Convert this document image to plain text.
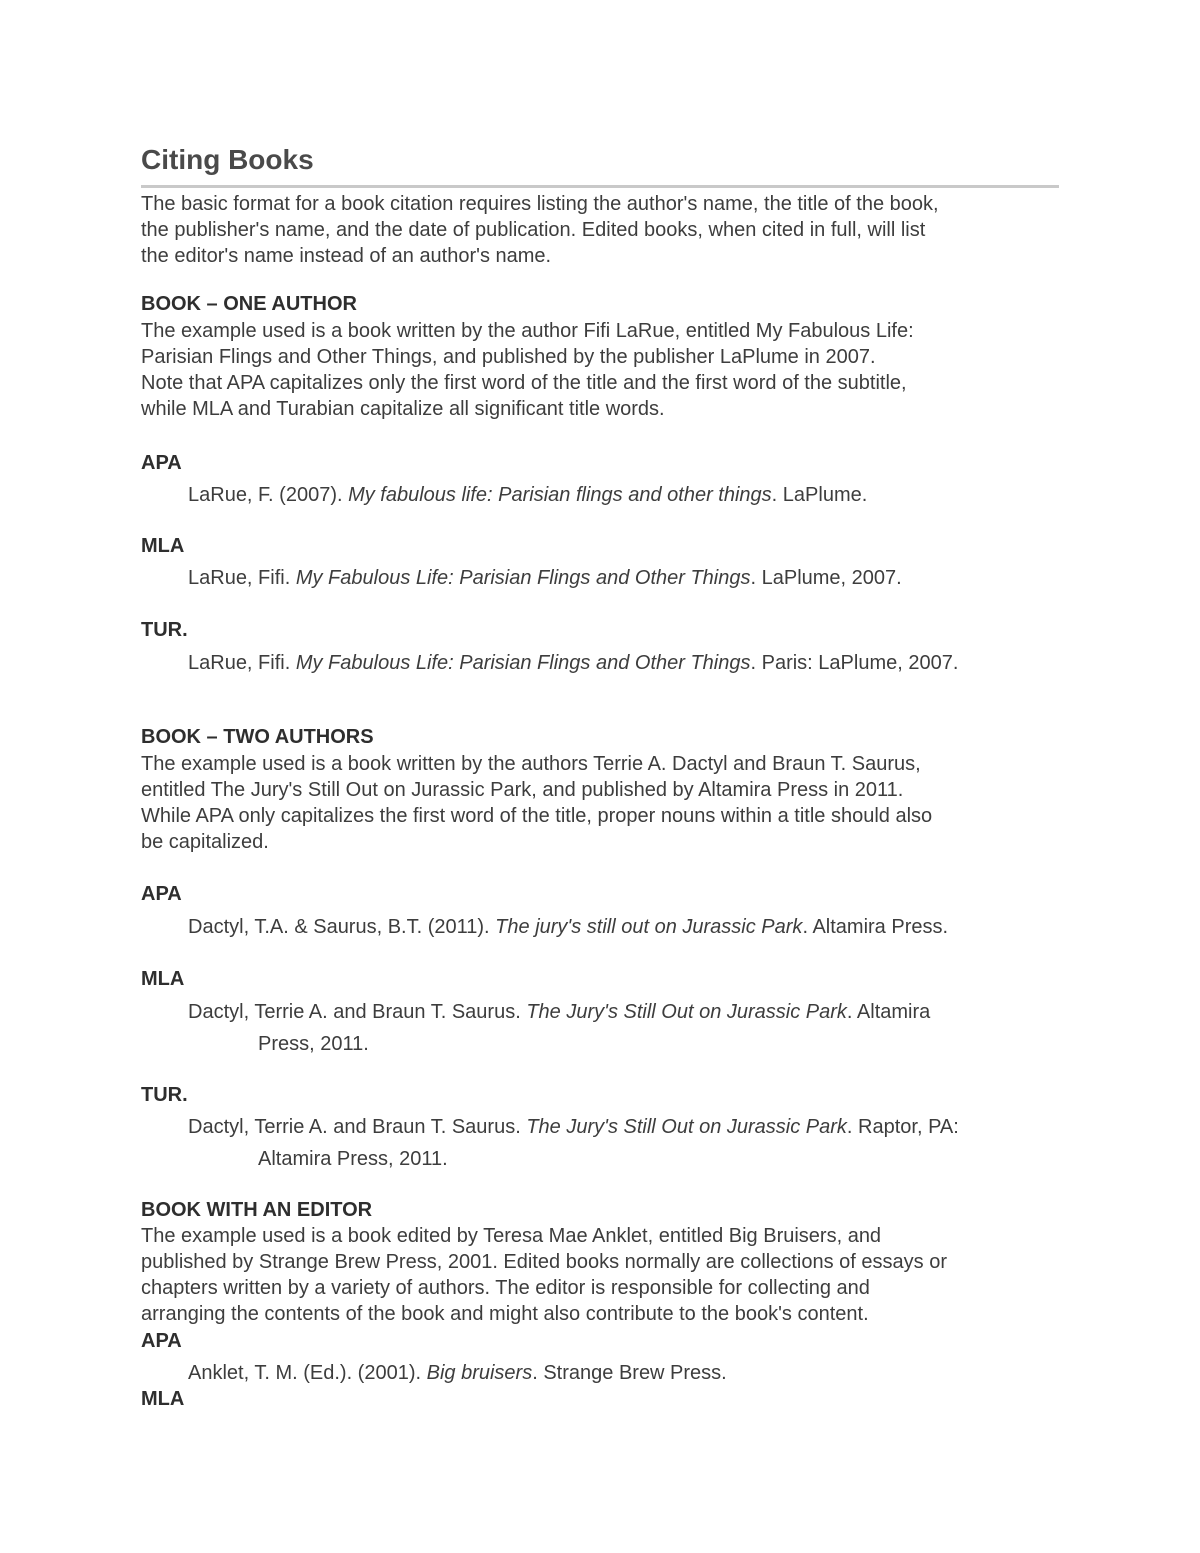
Citing Books
The basic format for a book citation requires listing the author's name, the title of the book,
the publisher's name, and the date of publication. Edited books, when cited in full, will list
the editor's name instead of an author's name.
BOOK – ONE AUTHOR
The example used is a book written by the author Fifi LaRue, entitled My Fabulous Life:
Parisian Flings and Other Things, and published by the publisher LaPlume in 2007.
Note that APA capitalizes only the first word of the title and the first word of the subtitle,
while MLA and Turabian capitalize all significant title words.
APA
LaRue, F. (2007). My fabulous life: Parisian flings and other things. LaPlume.
MLA
LaRue, Fifi. My Fabulous Life: Parisian Flings and Other Things. LaPlume, 2007.
TUR.
LaRue, Fifi. My Fabulous Life: Parisian Flings and Other Things. Paris: LaPlume, 2007.
BOOK – TWO AUTHORS
The example used is a book written by the authors Terrie A. Dactyl and Braun T. Saurus,
entitled The Jury's Still Out on Jurassic Park, and published by Altamira Press in 2011.
While APA only capitalizes the first word of the title, proper nouns within a title should also
be capitalized.
APA
Dactyl, T.A. & Saurus, B.T. (2011). The jury's still out on Jurassic Park. Altamira Press.
MLA
Dactyl, Terrie A. and Braun T. Saurus. The Jury's Still Out on Jurassic Park. Altamira
Press, 2011.
TUR.
Dactyl, Terrie A. and Braun T. Saurus. The Jury's Still Out on Jurassic Park. Raptor, PA:
Altamira Press, 2011.
BOOK WITH AN EDITOR
The example used is a book edited by Teresa Mae Anklet, entitled Big Bruisers, and
published by Strange Brew Press, 2001. Edited books normally are collections of essays or
chapters written by a variety of authors. The editor is responsible for collecting and
arranging the contents of the book and might also contribute to the book's content.
APA
Anklet, T. M. (Ed.). (2001). Big bruisers. Strange Brew Press.
MLA
